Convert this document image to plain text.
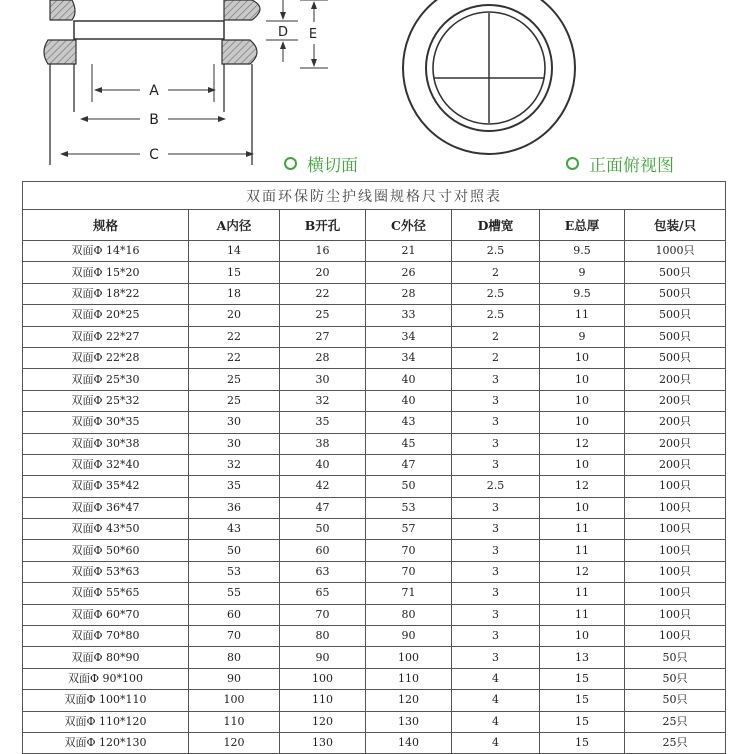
A
B
C
D E
横切面	正面俯视图
双面环保防尘护线圈规格尺寸对照表						
规格	A内径	B开孔	C外径	D槽宽	E总厚	包装/只
双面Φ 14*16	14	16	21	2.5	9.5	1000只
双面Φ 15*20	15	20	26	2	9	500只
双面Φ 18*22	18	22	28	2.5	9.5	500只
双面Φ 20*25	20	25	33	2.5	11	500只
双面Φ 22*27	22	27	34	2	9	500只
双面Φ 22*28	22	28	34	2	10	500只
双面Φ 25*30	25	30	40	3	10	200只
双面Φ 25*32	25	32	40	3	10	200只
双面Φ 30*35	30	35	43	3	10	200只
双面Φ 30*38	30	38	45	3	12	200只
双面Φ 32*40	32	40	47	3	10	200只
双面Φ 35*42	35	42	50	2.5	12	100只
双面Φ 36*47	36	47	53	3	10	100只
双面Φ 43*50	43	50	57	3	11	100只
双面Φ 50*60	50	60	70	3	11	100只
双面Φ 53*63	53	63	70	3	12	100只
双面Φ 55*65	55	65	71	3	11	100只
双面Φ 60*70	60	70	80	3	11	100只
双面Φ 70*80	70	80	90	3	10	100只
双面Φ 80*90	80	90	100	3	13	50只
双面Φ 90*100	90	100	110	4	15	50只
双面Φ 100*110	100	110	120	4	15	50只
双面Φ 110*120	110	120	130	4	15	25只
双面Φ 120*130	120	130	140	4	15	25只
